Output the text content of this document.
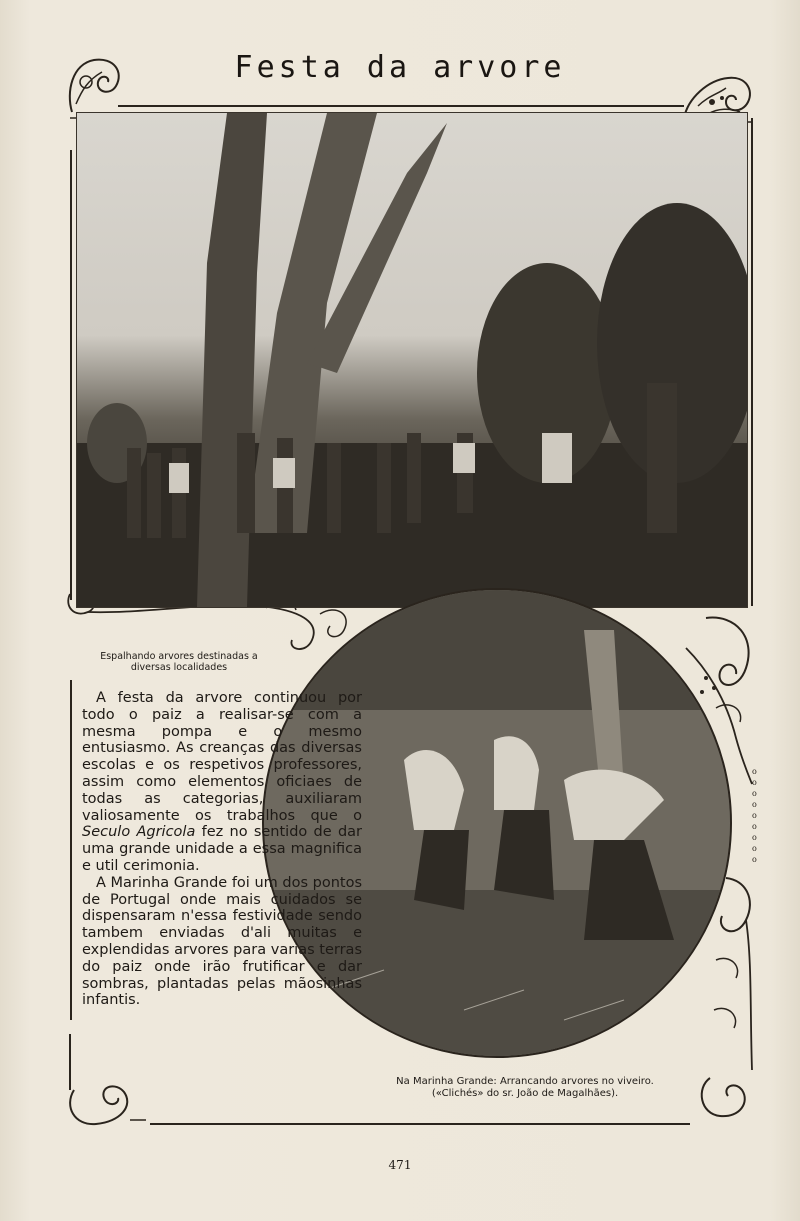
Festa da arvore
o
o
o
o
o
o
o
o
o
Espalhando arvores destinadas a diversas localidades

A festa da arvore continuou por todo o paiz a realisar-se com a mesma pompa e o mesmo entusiasmo. As creanças das diversas escolas e os respetivos professores, assim como elementos oficiaes de todas as categorias, auxiliaram valiosamente os trabalhos que o Seculo Agricola fez no sentido de dar uma grande unidade a essa magnifica e util cerimonia.

A Marinha Grande foi um dos pontos de Portugal onde mais cuidados se dispensaram n'essa festividade sendo tambem enviadas d'ali muitas e explendidas arvores para varias terras do paiz onde irão frutificar e dar sombras, plantadas pelas mãosinhas infantis.

Na Marinha Grande: Arrancando arvores no viveiro.
(«Clichés» do sr. João de Magalhães).
471
